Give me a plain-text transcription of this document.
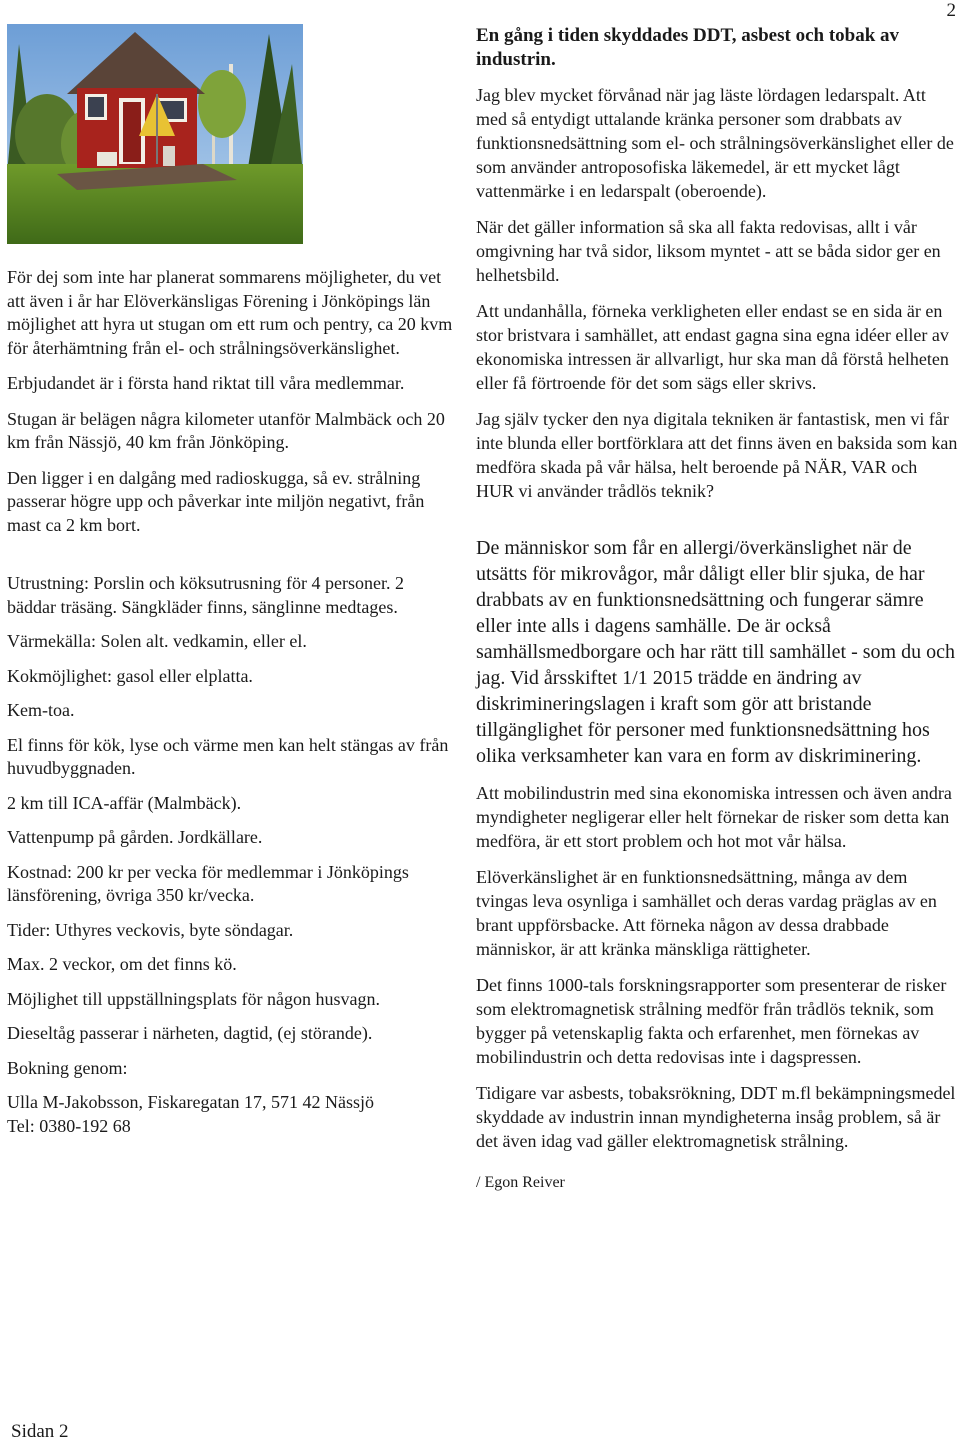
2

För dej som inte har planerat sommarens möjligheter, du vet att även i år har Elöverkänsligas Förening i Jönköpings län möjlighet att hyra ut stugan om ett rum och pentry, ca 20 kvm för återhämtning från el- och strålningsöverkänslighet.

Erbjudandet är i första hand riktat till våra medlemmar.

Stugan är belägen några kilometer utanför Malmbäck och 20 km från Nässjö, 40 km från Jönköping.

Den ligger i en dalgång med radioskugga, så ev. strålning passerar högre upp och påverkar inte miljön negativt, från mast ca 2 km bort.

Utrustning: Porslin och köksutrusning för 4 personer. 2 bäddar träsäng. Sängkläder finns, sänglinne medtages.

Värmekälla: Solen alt. vedkamin, eller el.

Kokmöjlighet: gasol eller elplatta.

Kem-toa.

El finns för kök, lyse och värme men kan helt stängas av från huvudbyggnaden.

2 km till ICA-affär (Malmbäck).

Vattenpump på gården. Jordkällare.

Kostnad: 200 kr per vecka för medlemmar i Jönköpings länsförening, övriga 350 kr/vecka.

Tider: Uthyres veckovis, byte söndagar.

Max. 2 veckor, om det finns kö.

Möjlighet till uppställningsplats för någon husvagn.

Dieseltåg passerar i närheten, dagtid, (ej störande).

Bokning genom:

Ulla M-Jakobsson, Fiskaregatan 17, 571 42 Nässjö

Tel: 0380-192 68

En gång i tiden skyddades DDT, asbest och tobak av industrin.

Jag blev mycket förvånad när jag läste lördagen ledarspalt. Att med så entydigt uttalande kränka personer som drabbats av funktionsnedsättning som el- och strålningsöverkänslighet eller de som använder antroposofiska läkemedel, är ett mycket lågt vattenmärke i en ledarspalt (oberoende).

När det gäller information så ska all fakta redovisas, allt i vår omgivning har två sidor, liksom myntet - att se båda sidor ger en helhetsbild.

Att undanhålla, förneka verkligheten eller endast se en sida är en stor bristvara i samhället, att endast gagna sina egna idéer eller av ekonomiska intressen är allvarligt, hur ska man då förstå helheten eller få förtroende för det som sägs eller skrivs.

Jag själv tycker den nya digitala tekniken är fantastisk, men vi får inte blunda eller bortförklara att det finns även en baksida som kan medföra skada på vår hälsa, helt beroende på NÄR, VAR och HUR vi använder trådlös teknik?

De människor som får en allergi/överkänslighet när de utsätts för mikrovågor, mår dåligt eller blir sjuka, de har drabbats av en funktionsnedsättning och fungerar sämre eller inte alls i dagens samhälle. De är också samhällsmedborgare och har rätt till samhället - som du och jag. Vid årsskiftet 1/1 2015 trädde en ändring av diskrimineringslagen i kraft som gör att bristande tillgänglighet för personer med funktionsnedsättning hos olika verksamheter kan vara en form av diskriminering.

Att mobilindustrin med sina ekonomiska intressen och även andra myndigheter negligerar eller helt förnekar de risker som detta kan medföra, är ett stort problem och hot mot vår hälsa.

Elöverkänslighet är en funktionsnedsättning, många av dem tvingas leva osynliga i samhället och deras vardag präglas av en brant uppförsbacke. Att förneka någon av dessa drabbade människor, är att kränka mänskliga rättigheter.

Det finns 1000-tals forskningsrapporter som presenterar de risker som elektromagnetisk strålning medför från trådlös teknik, som bygger på vetenskaplig fakta och erfarenhet, men förnekas av mobilindustrin och detta redovisas inte i dagspressen.

Tidigare var asbests, tobaksrökning, DDT m.fl bekämpningsmedel skyddade av industrin innan myndigheterna insåg problem, så är det även idag vad gäller elektromagnetisk strålning.

/ Egon Reiver

Sidan 2
